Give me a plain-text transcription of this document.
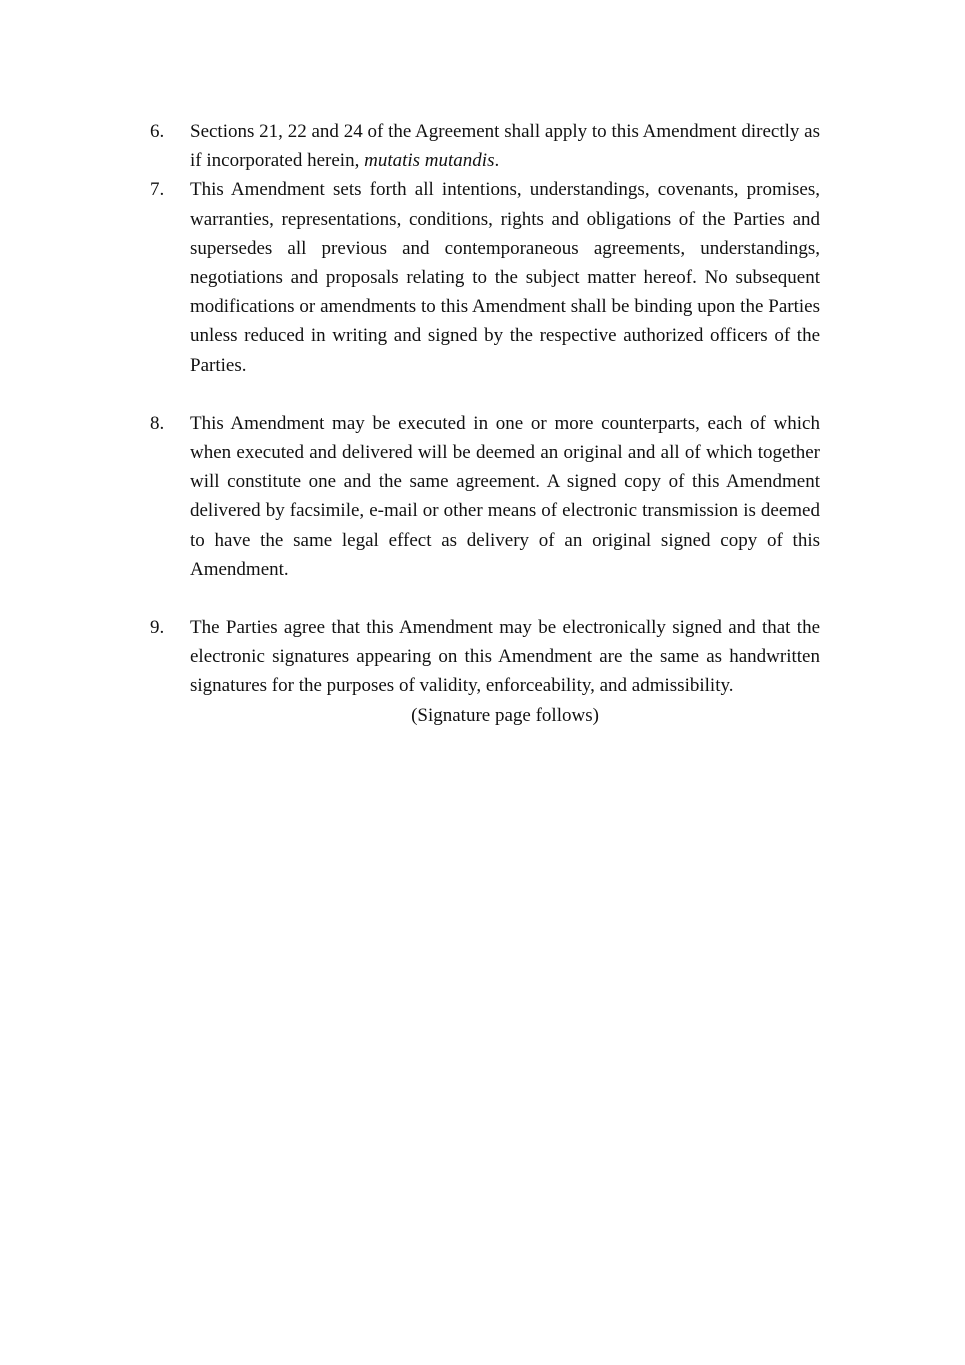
6.	Sections 21, 22 and 24 of the Agreement shall apply to this Amendment directly as if incorporated herein, mutatis mutandis.
7.	This Amendment sets forth all intentions, understandings, covenants, promises, warranties, representations, conditions, rights and obligations of the Parties and supersedes all previous and contemporaneous agreements, understandings, negotiations and proposals relating to the subject matter hereof. No subsequent modifications or amendments to this Amendment shall be binding upon the Parties unless reduced in writing and signed by the respective authorized officers of the Parties.
8.	This Amendment may be executed in one or more counterparts, each of which when executed and delivered will be deemed an original and all of which together will constitute one and the same agreement. A signed copy of this Amendment delivered by facsimile, e-mail or other means of electronic transmission is deemed to have the same legal effect as delivery of an original signed copy of this Amendment.
9.	The Parties agree that this Amendment may be electronically signed and that the electronic signatures appearing on this Amendment are the same as handwritten signatures for the purposes of validity, enforceability, and admissibility.
(Signature page follows)
